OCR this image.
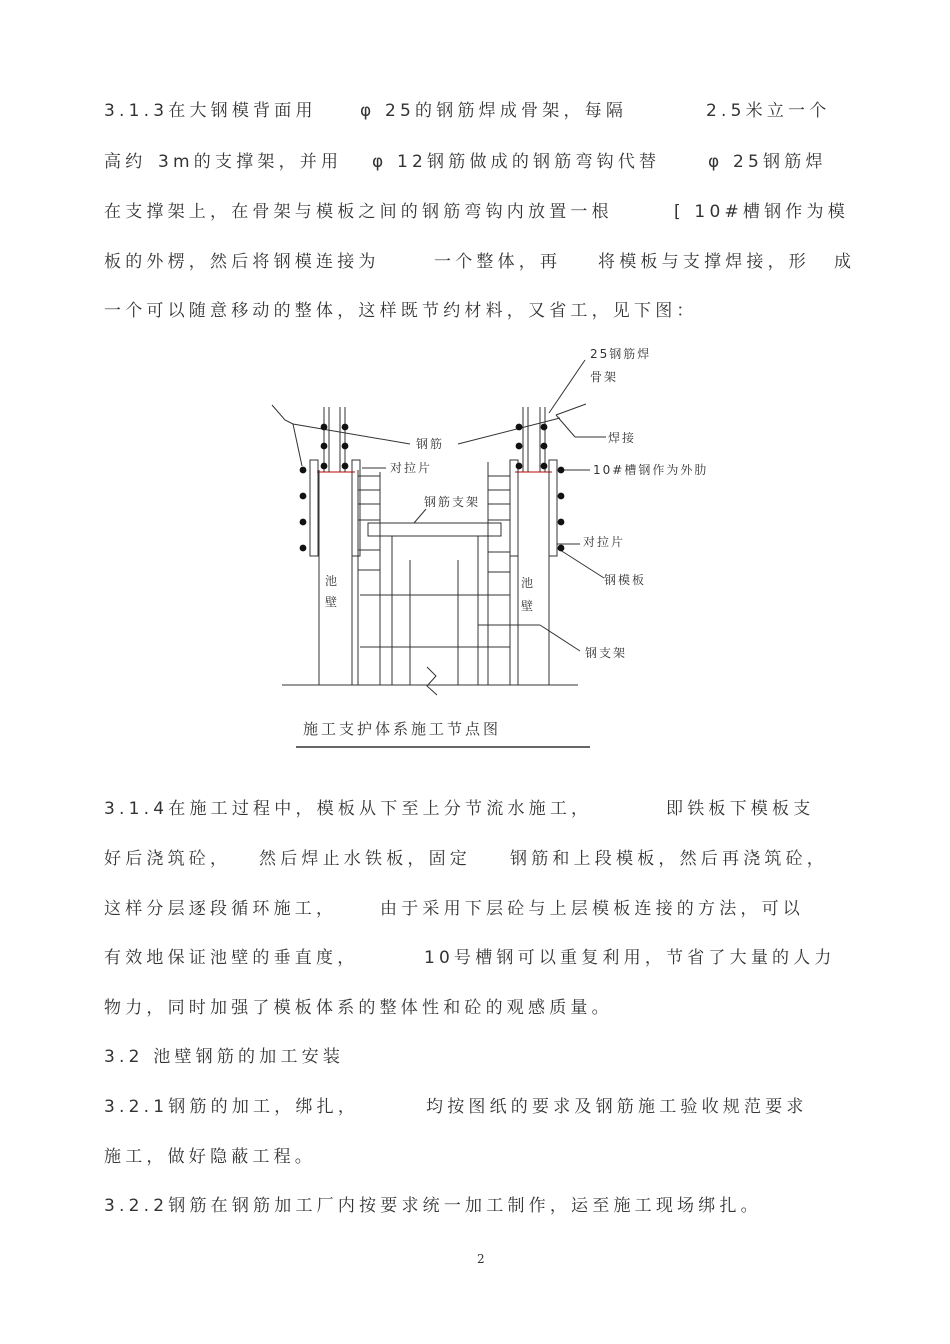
3.1.3在大钢模背面用	φ 25的钢筋焊成骨架，每隔	2.5米立一个
高约 3m的支撑架，并用 φ 12钢筋做成的钢筋弯钩代替	φ 25钢筋焊
在支撑架上，在骨架与模板之间的钢筋弯钩内放置一根	[ 10#槽钢作为模
板的外楞，然后将钢模连接为	一个整体，再 将模板与支撑焊接，形 成
一个可以随意移动的整体，这样既节约材料，又省工，见下图：
25钢筋焊
骨架
焊接
钢筋
对拉片	10#槽钢作为外肋
钢筋支架
对拉片
钢模板
池
壁
池
壁
钢支架
施工支护体系施工节点图
3.1.4在施工过程中，模板从下至上分节流水施工，	即铁板下模板支
好后浇筑砼， 然后焊止水铁板，固定 钢筋和上段模板，然后再浇筑砼，
这样分层逐段循环施工，	由于采用下层砼与上层模板连接的方法，可以
有效地保证池壁的垂直度，	10号槽钢可以重复利用，节省了大量的人力
物力，同时加强了模板体系的整体性和砼的观感质量。
3.2 池壁钢筋的加工安装
3.2.1钢筋的加工，绑扎，	均按图纸的要求及钢筋施工验收规范要求
施工，做好隐蔽工程。
3.2.2钢筋在钢筋加工厂内按要求统一加工制作，运至施工现场绑扎。
2
